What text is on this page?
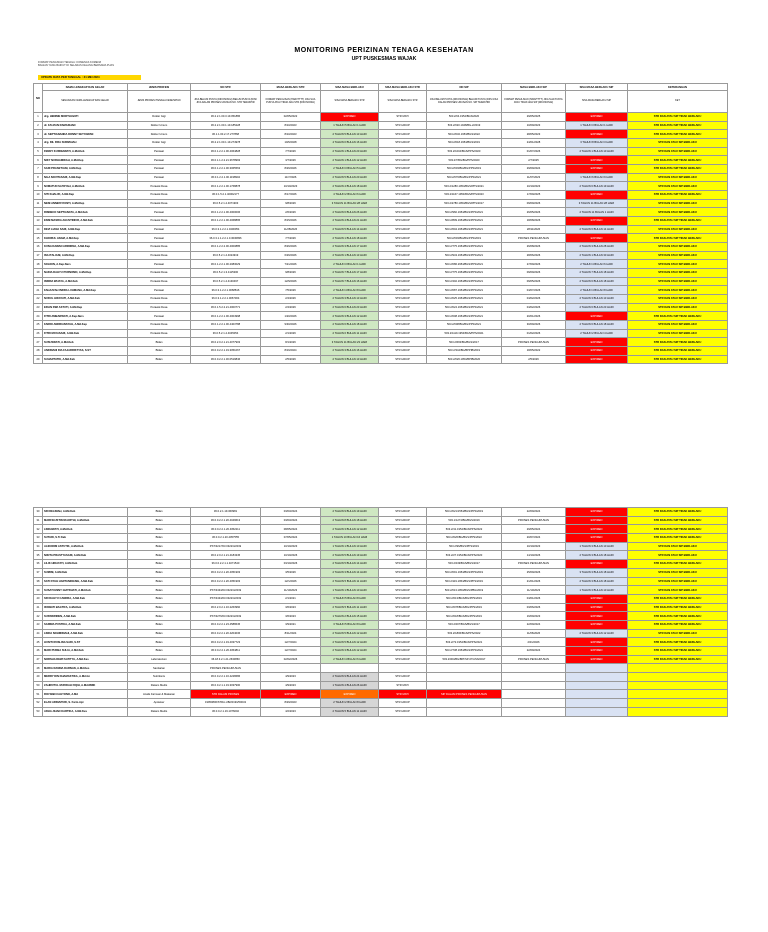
MONITORING PERIZINAN TENAGA KESEHATAN
UPT PUSKESMAS WAJAK
FORMAT PENGISIAN TENAGA: KOMENAS KOMENZ
BAGIAN YANG BAIKUT DI SELARAS KELANG BERSAMA PUAS
UPDATE DATA PER TANGGAL : 21 MEI 2024
NO	NAMA LENGKAP DAN GELAR	JENIS PROFESI	NO STR	MASA BERLAKU STR	SISA MASA BERLAKU	SISA MASA BERLAKU STR	NO SIP	MASA BERLAKU SIP	SISA MASA BERLAKU SIP	KETERANGAN
	SESUAIKAN NAMA LENGKAP DAN GELAR	JENIS PROFESI TENAGA KESEHATAN	JIKA BELUM PUNYA (DIKOSONGI) BELUM PUNYA (DIISI JIKA DALAM PROSES URUSAN NO. STR TERAKHIR	FORMAT PENULISAN (HARI/TTTT) JIKA SUA PUNYA ATAU TIDAK ADA STR (DIKOSONGI)	SISA MASA BERLAKU STR	SISA MASA BERLAKU STR	JIKA BELUM PUNYA (DIKOSONGI) BELUM PUNYA (DIISI JIKA DALAM PROSES URUSAN NO. SIP TERAKHIR	FORMAT PENULISAN (HARI/TTTT) JIKA SUA PUNYA ATAU TIDAK ADA SIP (DIKOSONGI)	SISA MASA BERLAKU SIP	KET
1	drg. HENIME MORTHAVATI	Dokter Gigi	36.2.2.1.00.3.19.051886	02/05/2022	EXPIRED	STR MATI	503.2/04.1954/BGS/2020	29/05/2025	EXPIRED	STR DAN ATAU SIP TIDAK BERLAKU
2	dr. FAUZAN RAMADHAN	Dokter Umum	36.2.2.1.00.1.19.185228	8/10/2023	1 TAHUN 5 BULAN 1 HARI	STR HIDUP	503.2/020.1948/BG-2/2019	10/09/2023	1 TAHUN 3 BULAN 1 HARI	STR DAN ATAU SIP TIDAK BERLAKU
3	dr. SEPTIANANDA DONNY SETYAWAN	Dokter Umum	36.1.1.00.2.17.277868	8/10/2023	2 TAHUN 5 BULAN 13 HARI	STR HIDUP	503.2/032.1953/BGS/2022	28/05/2023	EXPIRED	STR DAN ATAU SIP TIDAK BERLAKU
4	drg. DIL FIRA NURMAIAH	Dokter Gigi	36.2.2.1.00.1.19.274978	10/6/2028	4 TAHUN 0 BULAN 16 HARI	STR HIDUP	503.2/018.1954/BGS/2019	24/01/2028	3 TAHUN 8 BULAN 3 HARI	STR DAN ATAU SIP BERLAKU
5	FENNY KURNIAWATI, A.Md.Keb	Perawat	36.0.1.2.2.1.00.4064828	7/7/2026	2 TAHUN 1 BULAN 20 HARI	STR HIDUP	503.2/1004/BGS/PPS/2020	01/07/2026	2 TAHUN 1 BULAN 10 HARI	STR DAN ATAU SIP BERLAKU
6	NIKY NURHAMIDAH, A.Md.Kep	Perawat	36.0.1.1.2.2.21.3678993	3/7/2026	2 TAHUN 1 BULAN 12 HARI	STR HIDUP	503.2/7/BG/BG/PPS/2020	2/7/2025	EXPIRED	STR DAN ATAU SIP TIDAK BERLAKU
7	SARI PRASETIANI, A.Md.Kep	Perawat	36.0.1.2.2.1.00.3065563	8/26/2026	2 TAHUN 3 BULAN 5 HARI	STR HIDUP	503.2/003/BG/BG/PPS/2019	29/09/2024	EXPIRED	STR DAN ATAU SIP TIDAK BERLAKU
8	NILA NOVITASARI, A.Md.Kep	Perawat	36.0.1.2.2.1.00.1198904	11/7/2026	2 TAHUN 5 BULAN 20 HARI	STR HIDUP	503.2/076/BG/BG/PPS/2021	11/07/2023	1 TAHUN 6 BULAN 9 HARI	STR DAN ATAU SIP BERLAKU
9	NUMATUN SA'DIYAH, A.Md.Keb	Perawat Desa	36.0.1.2.2.1.00.1768878	10/10/2023	2 TAHUN 4 BULAN 18 HARI	STR HIDUP	503.2/1280.1954/BGS/PPS/2021	10/10/2023	2 TAHUN 6 BULAN 19 HARI	STR DAN ATAU SIP BERLAKU
10	SITI KHALIFI, A.Md.Kep	Perawat Desa	36.0.1.5.2.1.40002177	8/17/2026	4 TAHUN 2 BULAN 6 HARI	STR HIDUP	503.2/1167.1954/BGS/PPS/2023	17/09/2025	EXPIRED	STR DAN ATAU SIP TIDAK BERLAKU
11	NENI ANNEFFIYANTI, A.Md.Kep	Perawat Desa	36.0.5.2.1.4.4071903	9/8/2026	3 TAHUN 11 BULAN 28 HARI	STR HIDUP	503.2/2780.1954/BGS/PPS/2017	09/09/2026	3 TAHUN 11 BULAN 28 HARI	STR DAN ATAU SIP BERLAKU
12	RINNECO SEPTIANATA, A.Md.Keb	Perawat	36.0.1.2.2.1.00.4000006	2/6/2026	2 TAHUN 6 BULAN 26 HARI	STR HIDUP	503.2/960.1954/BGS/PPS/2021	26/05/2026	2 TAHUN 11 BULAN 1 HARI	STR DAN ATAU SIP BERLAKU
13	ENNI MASRIA AGUSTINIUR, A.Md.Keb	Perawat Desa	36.0.1.2.2.1.00.4068895	8/15/2026	2 TAHUN 4 BULAN 21 HARI	STR HIDUP	503.2/809.1954/BGS/PPS/2021	18/08/2026	EXPIRED	STR DAN ATAU SIP TIDAK BERLAKU
14	DEVI LIANA SARI, A.Md.Kep	Perawat	36.0.3.1.2.2.1.0400054	11/28/2026	2 TAHUN 5 BULAN 14 HARI	STR HIDUP	503.2/604.1954/BGS/PPS/2021	28/11/2026	2 TAHUN 6 BULAN 14 HARI	STR DAN ATAU SIP BERLAKU
15	KHOIRUL ANAM, A.Md.Kep	Perawat	36.0.3.1.1.2.2.1.0.3030836	7/7/2026	2 TAHUN 1 BULAN 18 HARI	STR HIDUP	503.2/003/BG/BG/PPS/2019	PROSES PENGURUSAN	EXPIRED	STR DAN ATAU SIP TIDAK BERLAKU
16	KUNA DAWAN ARIDIRNA, A.Md.Kep	Perawat Desa	36.0.1.2.2.2.00.4000885	8/26/2026	2 TAHUN 3 BULAN 17 HARI	STR HIDUP	503.2/775.1954/BGS/PPS/2021	26/08/2026	2 TAHUN 3 BULAN 28 HARI	STR DAN ATAU SIP BERLAKU
17	INA ITALIANI, A.Md.Kep	Perawat Desa	36.0.5.2.1.4.4024919	6/26/2026	2 TAHUN 1 BULAN 13 HARI	STR HIDUP	503.2/943.1954/BGS/PPS/2021	28/06/2026	2 TAHUN 1 BULAN 30 HARI	STR DAN ATAU SIP BERLAKU
18	SOLIKIN, A.Kep.Ners	Perawat	36.0.1.2.2.1.00.2083029	7/21/2026	2 TAHUN 3 BULAN 1 HARI	STR HIDUP	503.2/086.2954/BGS/PPS/2021	27/09/2026	2 TAHUN 4 BULAN 6 HARI	STR DAN ATAU SIP BERLAKU
19	NADIA DAHYU PURNOMO, A.Md.Kep	Perawat Desa	36.0.5.2.1.3.4115300	9/8/2026	2 TAHUN 7 BULAN 17 HARI	STR HIDUP	503.2/775.1954/BGS/PPS/2021	09/09/2026	2 TAHUN 7 BULAN 18 HARI	STR DAN ATAU SIP BERLAKU
20	INDRIA WIJAYA, A.Md.Keb	Perawat Desa	36.0.5.2.1.4.4130497	12/9/2026	2 TAHUN 7 BULAN 16 HARI	STR HIDUP	503.2/402.1954/BGS/PPS/2021	09/05/2026	2 TAHUN 6 BULAN 18 HARI	STR DAN ATAU SIP BERLAKU
21	FAHAZZAH INDRA LUHMANA, A.Md.Kep	Perawat	36.0.3.1.2.2.1.0068816	7/5/2026	2 TAHUN 4 BULAN 8 HARI	STR HIDUP	503.2/087.1954/BGS/PPS/2021	04/07/2026	2 TAHUN 4 BULAN 8 HARI	STR DAN ATAU SIP BERLAKU
22	NURUL HIDAYATI, A.Md.Keb	Perawat Desa	36.0.3.1.2.2.1.0067304	2/4/2026	2 TAHUN 3 BULAN 13 HARI	STR HIDUP	503.2/025.1954/BGS/PPS/2021	04/02/2026	2 TAHUN 3 BULAN 13 HARI	STR DAN ATAU SIP BERLAKU
23	ERLIN DWI ASTUTI, A.Md.Kep	Perawat Desa	36.0.1.5.2.2.21.4000771	2/4/2026	2 TAHUN 6 BULAN 23 HARI	STR HIDUP	503.2/024.1954/BGS/PPS/2021	04/02/2026	2 TAHUN 6 BULAN 23 HARI	STR DAN ATAU SIP BERLAKU
24	FITRI AMBARWATI, A.Kep.Ners	Perawat	36.0.1.2.2.1.00.4004998	1/20/2026	2 TAHUN 3 BULAN 12 HARI	STR HIDUP	503.2/008.1954/BGS/PPS/2021	20/01/2026	EXPIRED	STR DAN ATAU SIP TIDAK BERLAKU
25	FARIDI ANDRIANSYAH, A.Md.Kep	Perawat Desa	36.0.1.2.2.1.00.4403788	9/30/2026	2 TAHUN 6 BULAN 18 HARI	STR HIDUP	503.2/008/BG/BG/PPS/2021	30/09/2026	2 TAHUN 6 BULAN 18 HARI	STR DAN ATAU SIP BERLAKU
26	FITRI MAYASARI, A.Md.Keb	Perawat Desa	36.0.5.2.1.4.4045054	2/1/2026	2 TAHUN 0 BULAN 11 HARI	STR HIDUP	503.2/1119.1954/BGS/PPS/2021	01/02/2026	2 TAHUN 2 BULAN 4 HARI	STR DAN ATAU SIP BERLAKU
27	SUSUSWATI, A.Md.Keb	Bidan	36.0.2.0.2.1.21.4077903	8/1/2026	3 TAHUN 11 BULAN 23 HARI	STR HIDUP	503.2/693/BG/BGS/2017	PROSES PENGURUSAN	EXPIRED	STR DAN ATAU SIP TIDAK BERLAKU
28	ANDRIANI RIA FAJARRISTYAS, S.ST	Bidan	36.0.0.2.2.1.19.3051067	8/16/2024	2 TAHUN 3 BULAN 16 HARI	STR HIDUP	503.2/344/BG/BPPIB/2019	18/05/2022	EXPIRED	STR DAN ATAU SIP TIDAK BERLAKU
29	SUHARTATIK, A.Md.Keb	Bidan	36.0.0.2.2.1.30.0519846	2/5/2026	2 TAHUN 3 BULAN 13 HARI	STR HIDUP	503.2/026.1954/BPIB/2020	2/5/2026	EXPIRED	STR DAN ATAU SIP TIDAK BERLAKU
30	SRI DELIMAH, A.Md.Keb	Bidan	36.0.2.1.19.360981	03/03/2024	2 TAHUN 9 BULAN 19 HARI	STR HIDUP	503.2/021/1554/BGS/PPS/2019	22/09/2024	EXPIRED	STR DAN ATAU SIP TIDAK BERLAKU
31	MARFIGUSTIN NUARTHI, A.Md.Keb	Bidan	36.0.0.2.2.1.20.4049613	03/03/2024	2 TAHUN 8 BULAN 18 HARI	STR HIDUP	503.1/1274/BG/BGS/2019	PROSES PENGURUSAN	EXPIRED	STR DAN ATAU SIP TIDAK BERLAKU
32	LINDAWATI, A.Md.Keb	Bidan	36.0.0.2.2.1.20.4052211	08/05/2024	2 TAHUN 3 BULAN 12 HARI	STR HIDUP	503.2/41.1954/BGS/PPS/2022	29/05/2024	EXPIRED	STR DAN ATAU SIP TIDAK BERLAKU
33	SUTARI, S.Tr.Keb	Bidan	36.0.0.2.1.20.4057555	07/05/2024	1 TAHUN 10 BULAN 16 HARI	STR HIDUP	503.2/026/BG/BGS/PPS/2022	20/07/2024	EXPIRED	STR DAN ATAU SIP TIDAK BERLAKU
34	ALIKODIM ASTUTIK, A.Md.Keb	Bidan	PST/3217/03.0322/4/2019	10/10/2023	1 TAHUN 1 BULAN 10 HARI	STR HIDUP	503.2/96/BGS/PPS/2019	10/10/2023	1 TAHUN 3 BULAN 10 HARI	STR DAN ATAU SIP BERLAKU
35	NIKITA PRASTYASARI, A.Md.Keb	Bidan	36.0.2.0.2.1.21.4184345	10/10/2026	2 TAHUN 5 BULAN 19 HARI	STR HIDUP	503.2/27.1954/BGS/PPS/2020	14/10/2026	2 TAHUN 3 BULAN 18 HARI	STR DAN ATAU SIP BERLAKU
36	LILIK HIDAYATI, A.Md.Keb	Bidan	36.0.0.2.2.1.1.4071540	03/10/2026	2 TAHUN 5 BULAN 14 HARI	STR HIDUP	503.2/049/BGS/BGS/2017	PROSES PENGURUSAN	EXPIRED	STR DAN ATAU SIP TIDAK BERLAKU
37	SUMINI, A.Md.Keb	Bidan	36.0.0.2.2.1.20.4051903	3/5/2026	2 TAHUN 3 BULAN 14 HARI	STR HIDUP	503.2/091.1954/BGS/PPS/2019	25/09/2026	3 TAHUN 3 BULAN 18 HARI	STR DAN ATAU SIP BERLAKU
38	SATI DYAH HARTANINGSIH, A.Md.Keb	Bidan	36.0.0.2.2.1.20.4051903	12/1/2026	2 TAHUN 5 BULAN 11 HARI	STR HIDUP	503.2/119.1954/BGS/PPS/2019	21/01/2026	2 TAHUN 3 BULAN 18 HARI	STR DAN ATAU SIP BERLAKU
39	SUSATI ENNY GIATDHATI, A.Md.Keb	Bidan	PST/3434/03.0322/4/2019	11/10/2023	1 TAHUN 1 BULAN 10 HARI	STR HIDUP	503.2/013.1954/BGS/PBG/2019	11/10/2023	1 TAHUN 3 BULAN 10 HARI	STR DAN ATAU SIP BERLAKU
40	SRI DAHYU CANDRA, A.Md.Keb	Bidan	PST/3434/03.0322/4/2019	2/1/2021	3 TAHUN 5 BULAN 8 HARI	STR HIDUP	503.2/013/BGS/BG/PPS/2019	04/01/2026	EXPIRED	STR DAN ATAU SIP TIDAK BERLAKU
41	IRAWATI BAGTIFA, A.Md.Keb	Bidan	36.0.2.0.2.1.16.2263960	3/6/2023	2 TAHUN 5 BULAN 11 HARI	STR HIDUP	503.2/078/BGS/BG/PPS/2019	03/06/2026	EXPIRED	STR DAN ATAU SIP TIDAK BERLAKU
42	SUPARWIDEN, A.Md.Keb	Bidan	PST/3276/03.0322/4/2019	3/6/2023	1 TAHUN 2 BULAN 15 HARI	STR HIDUP	503.2/018/BGS/BG/PPS/2019	16/09/2023	EXPIRED	STR DAN ATAU SIP TIDAK BERLAKU
43	SARIMA PUSTIKA, A.Md.Keb	Bidan	36.0.0.2.2.1.23.4588645	3/9/2021	3 TAHUN 5 BULAN 8 HARI	STR HIDUP	503.2/007/BGS/BGS/2017	22/09/2024	EXPIRED	STR DAN ATAU SIP TIDAK BERLAKU
44	LINDA NOHMIDIAHI, A.Md.Keb	Bidan	36.0.0.2.2.1.20.4204036	8/11/2024	2 TAHUN 5 BULAN 12 HARI	STR HIDUP	503.2/1806/BGS/PPS/2022	11/06/2026	2 TAHUN 3 BULAN 12 HARI	STR DAN ATAU SIP BERLAKU
45	HUSITI ROSLINA SARI, S.ST	Bidan	36.0.0.2.2.1.19.4037723	12/7/2024	2 TAHUN 5 BULAN 12 HARI	STR HIDUP	503.2/72.1954/BGS/PPS/2021	2/01/2026	EXPIRED	STR DAN ATAU SIP TIDAK BERLAKU
46	MARI PURBA SULIA, A.Md.Keb	Bidan	36.0.0.2.2.1.20.4054811	12/7/2024	2 TAHUN 3 BULAN 12 HARI	STR HIDUP	503.2/738.1954/BGS/PPS/2021	22/09/2024	EXPIRED	STR DAN ATAU SIP TIDAK BERLAKU
47	NORSHA DEWI SATITYA, A.Md.Kes	Laboratorium	36.18.3.2.1.21.2630860	02/02/2026	2 TAHUN 4 BULAN 6 HARI	STR HIDUP	503.2/004/BG/BPI/SP-07/ASN/2017	PROSES PENGURUSAN	EXPIRED	STR DAN ATAU SIP TIDAK BERLAKU
48	MARIA RAMNA DARNAN, A.Md.Kes	Sanitarian	PROSES PENGURUSAN							
49	MERRY DIN DHAMASTIKA, A.Md.Gz	Nutritionis	36.0.0.2.2.1.16.4228686	4/9/2023	2 TAHUN 9 BULAN 24 HARI	STR HIDUP				
50	ZAHROTUL MUFIDAH FIQIH, A.Md.RMIK	Rekam Medis	36.0.0.2.1.1.19.3037900	4/9/2023	1 TAHUN 4 BULAN 26 HARI	STR MATI				
51	RIO WIBI CAHYONO, A.Md	Analis Farmasi & Makanan	STR DALAM PROSES	EXPIRED	EXPIRED	STR MATI	SIP DALAM PROSES PENGURUSAN			
52	ELAN ARDIAPURI, S. Farm.Apt	Apoteker	19950806/STRA-UB/2019/250043	8/29/2023	2 TAHUN 2 BULAN 8 HARI	STR HIDUP				
53	ADHA JIHAN KARTIKA, A.Md.Kes	Rekam Medis	36.0.0.2.1.19.1076002	4/2/2023	2 TAHUN 5 BULAN 11 HARI	STR HIDUP				
